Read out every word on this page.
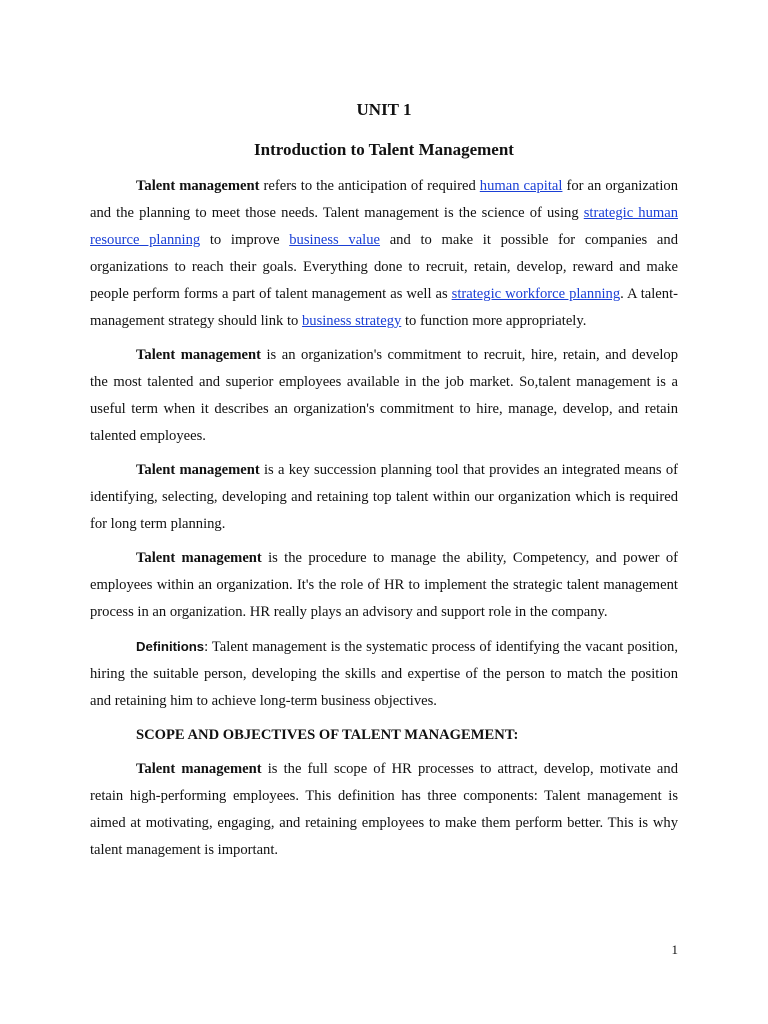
UNIT 1
Introduction to Talent Management

Talent management refers to the anticipation of required human capital for an organization and the planning to meet those needs. Talent management is the science of using strategic human resource planning to improve business value and to make it possible for companies and organizations to reach their goals. Everything done to recruit, retain, develop, reward and make people perform forms a part of talent management as well as strategic workforce planning. A talent-management strategy should link to business strategy to function more appropriately.

Talent management is an organization's commitment to recruit, hire, retain, and develop the most talented and superior employees available in the job market. So,talent management is a useful term when it describes an organization's commitment to hire, manage, develop, and retain talented employees.

Talent management is a key succession planning tool that provides an integrated means of identifying, selecting, developing and retaining top talent within our organization which is required for long term planning.

Talent management is the procedure to manage the ability, Competency, and power of employees within an organization. It's the role of HR to implement the strategic talent management process in an organization. HR really plays an advisory and support role in the company.

Definitions: Talent management is the systematic process of identifying the vacant position, hiring the suitable person, developing the skills and expertise of the person to match the position and retaining him to achieve long-term business objectives.

SCOPE AND OBJECTIVES OF TALENT MANAGEMENT:

Talent management is the full scope of HR processes to attract, develop, motivate and retain high-performing employees. This definition has three components: Talent management is aimed at motivating, engaging, and retaining employees to make them perform better. This is why talent management is important.

1
